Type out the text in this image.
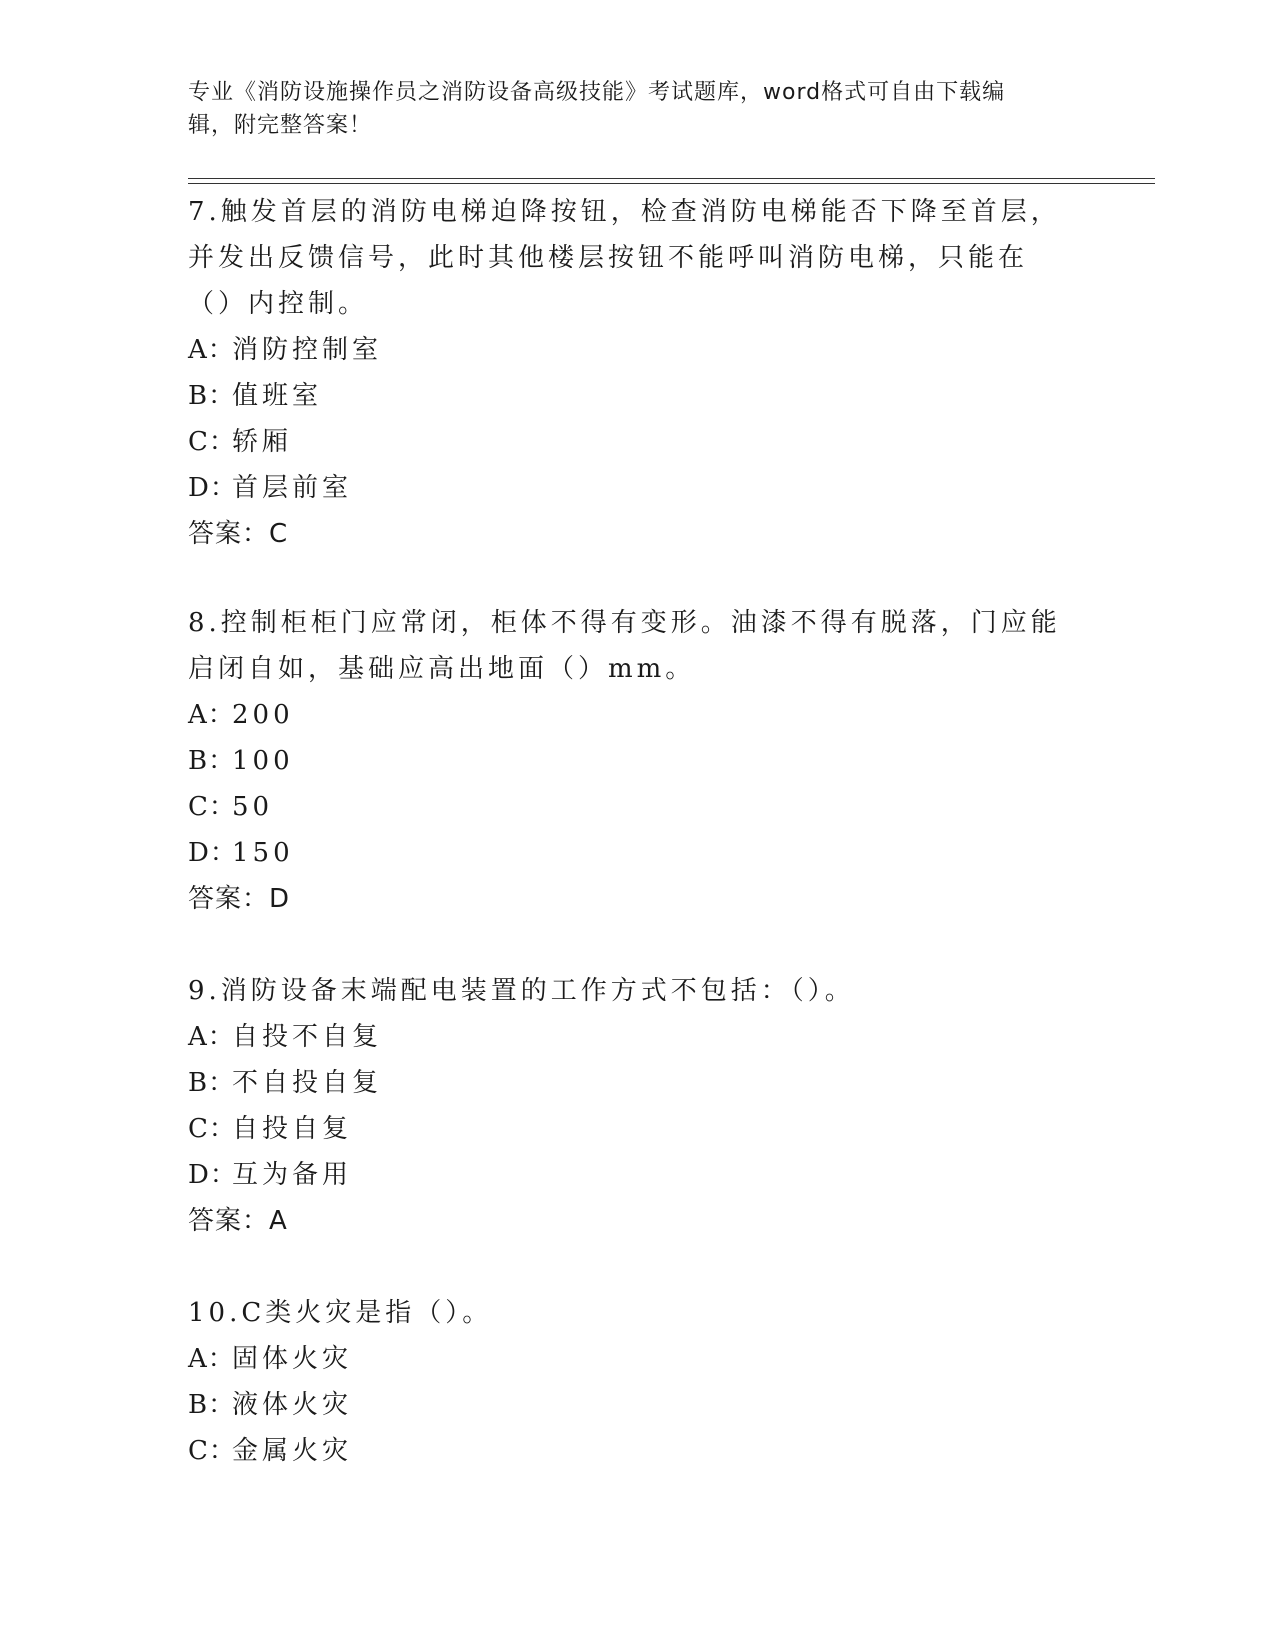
专业《消防设施操作员之消防设备高级技能》考试题库，word格式可自由下载编
辑，附完整答案！

7.触发首层的消防电梯迫降按钮，检查消防电梯能否下降至首层，并发出反馈信号，此时其他楼层按钮不能呼叫消防电梯，只能在（）内控制。

A：消防控制室

B：值班室

C：轿厢

D：首层前室

答案：C

8.控制柜柜门应常闭，柜体不得有变形。油漆不得有脱落，门应能启闭自如，基础应高出地面（）mm。

A：200

B：100

C：50

D：150

答案：D

9.消防设备末端配电装置的工作方式不包括：（）。

A：自投不自复

B：不自投自复

C：自投自复

D：互为备用

答案：A

10.C类火灾是指（）。

A：固体火灾

B：液体火灾

C：金属火灾
